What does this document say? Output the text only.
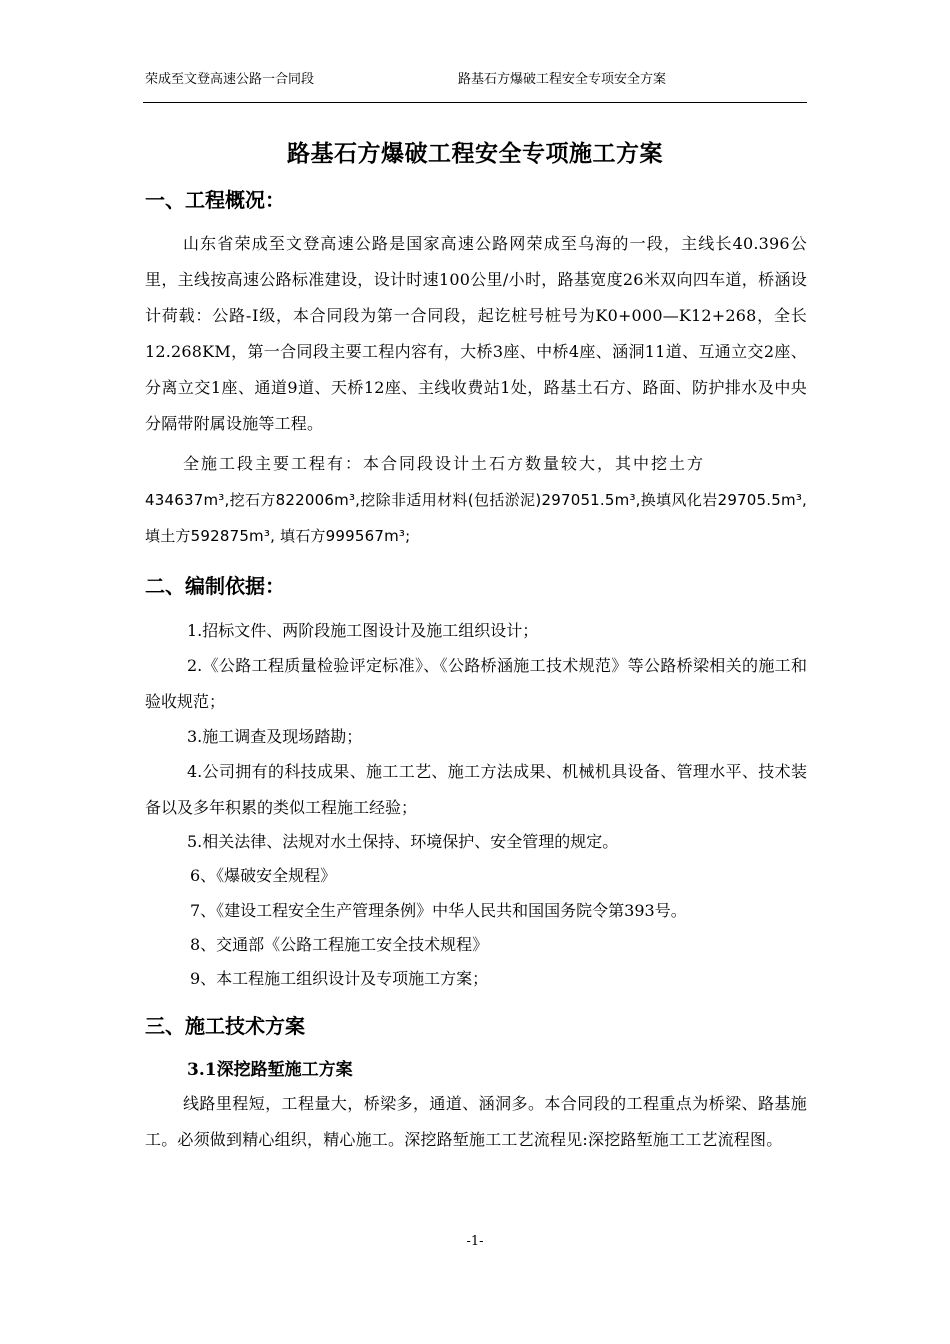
荣成至文登高速公路一合同段	路基石方爆破工程安全专项安全方案
路基石方爆破工程安全专项施工方案
一、工程概况：
山东省荣成至文登高速公路是国家高速公路网荣成至乌海的一段，主线长40.396公里，主线按高速公路标准建设，设计时速100公里/小时，路基宽度26米双向四车道，桥涵设计荷载：公路-Ⅰ级，本合同段为第一合同段，起讫桩号桩号为K0+000—K12+268，全长12.268KM，第一合同段主要工程内容有，大桥3座、中桥4座、涵洞11道、互通立交2座、分离立交1座、通道9道、天桥12座、主线收费站1处，路基土石方、路面、防护排水及中央分隔带附属设施等工程。
全施工段主要工程有：本合同段设计土石方数量较大，其中挖土方
434637m³,挖石方822006m³,挖除非适用材料(包括淤泥)297051.5m³,换填风化岩29705.5m³, 填土方592875m³, 填石方999567m³;
二、编制依据：
1.招标文件、两阶段施工图设计及施工组织设计；
2.《公路工程质量检验评定标准》、《公路桥涵施工技术规范》等公路桥梁相关的施工和验收规范；
3.施工调查及现场踏勘；
4.公司拥有的科技成果、施工工艺、施工方法成果、机械机具设备、管理水平、技术装备以及多年积累的类似工程施工经验；
5.相关法律、法规对水土保持、环境保护、安全管理的规定。
6、《爆破安全规程》
7、《建设工程安全生产管理条例》中华人民共和国国务院令第393号。
8、交通部《公路工程施工安全技术规程》
9、本工程施工组织设计及专项施工方案；
三、施工技术方案
3.1深挖路堑施工方案
线路里程短，工程量大，桥梁多，通道、涵洞多。本合同段的工程重点为桥梁、路基施工。必须做到精心组织，精心施工。深挖路堑施工工艺流程见:深挖路堑施工工艺流程图。
-1-
